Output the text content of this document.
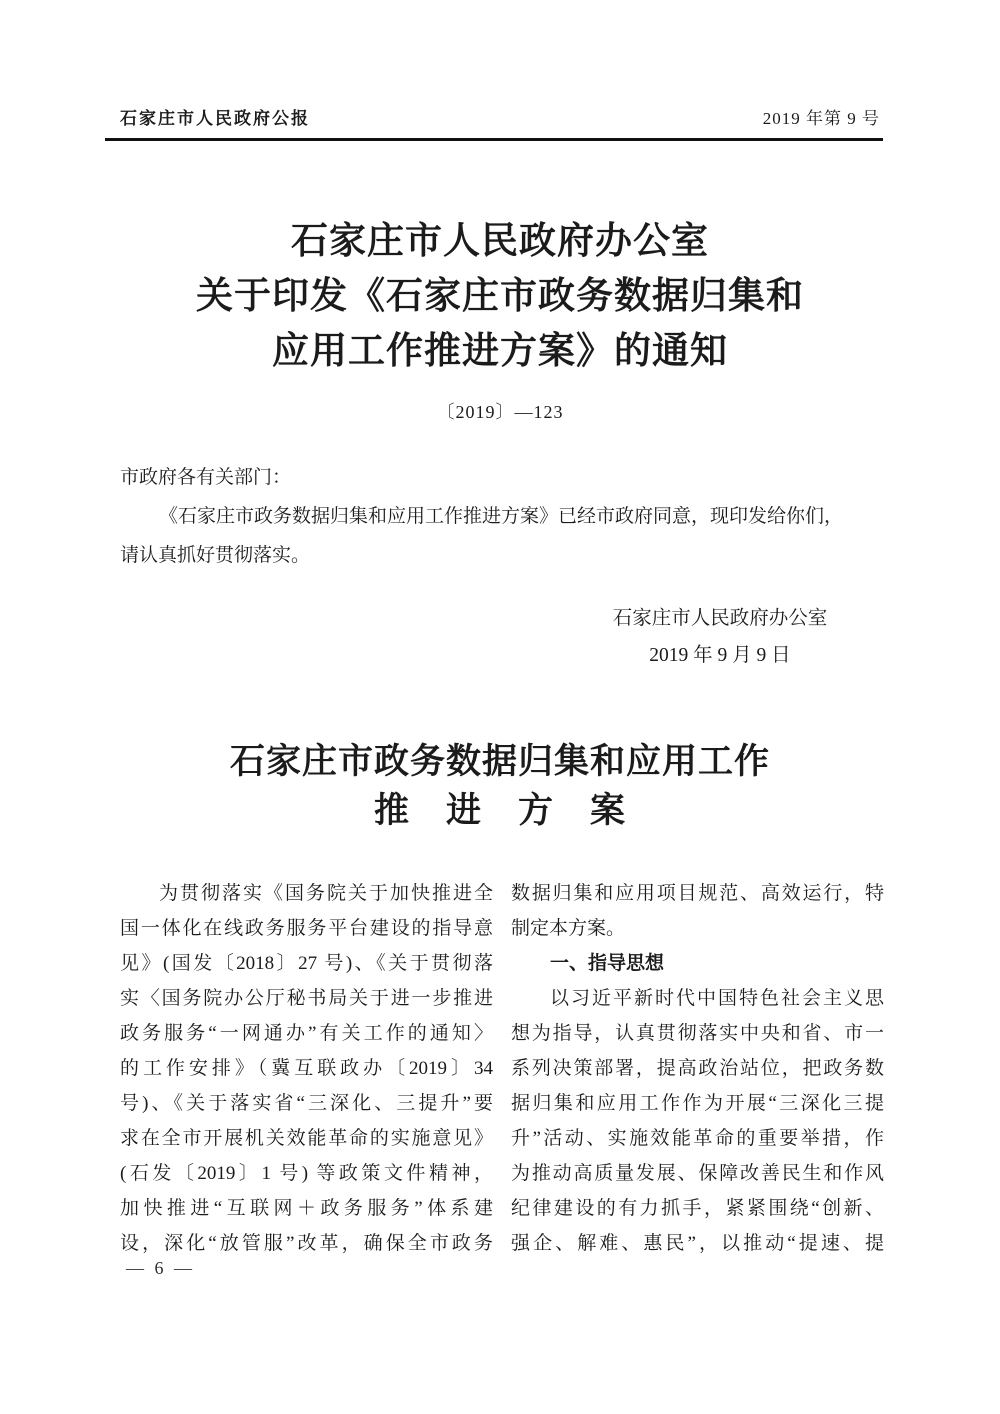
石家庄市人民政府公报	2019 年第 9 号
石家庄市人民政府办公室
关于印发《石家庄市政务数据归集和
应用工作推进方案》的通知
〔2019〕—123
市政府各有关部门：
《石家庄市政务数据归集和应用工作推进方案》已经市政府同意，现印发给你们，
请认真抓好贯彻落实。
石家庄市人民政府办公室
2019 年 9 月 9 日
石家庄市政务数据归集和应用工作
推　进　方　案
为贯彻落实《国务院关于加快推进全
国一体化在线政务服务平台建设的指导意
见》(国发〔2018〕27 号)、《关于贯彻落
实〈国务院办公厅秘书局关于进一步推进
政务服务“一网通办”有关工作的通知〉
的工作安排》（冀互联政办〔2019〕34
号)、《关于落实省“三深化、三提升”要
求在全市开展机关效能革命的实施意见》
(石发〔2019〕1 号) 等政策文件精神，
加快推进“互联网＋政务服务”体系建
设，深化“放管服”改革，确保全市政务
数据归集和应用项目规范、高效运行，特
制定本方案。
一、指导思想
以习近平新时代中国特色社会主义思
想为指导，认真贯彻落实中央和省、市一
系列决策部署，提高政治站位，把政务数
据归集和应用工作作为开展“三深化三提
升”活动、实施效能革命的重要举措，作
为推动高质量发展、保障改善民生和作风
纪律建设的有力抓手，紧紧围绕“创新、
强企、解难、惠民”，以推动“提速、提
— 6 —
